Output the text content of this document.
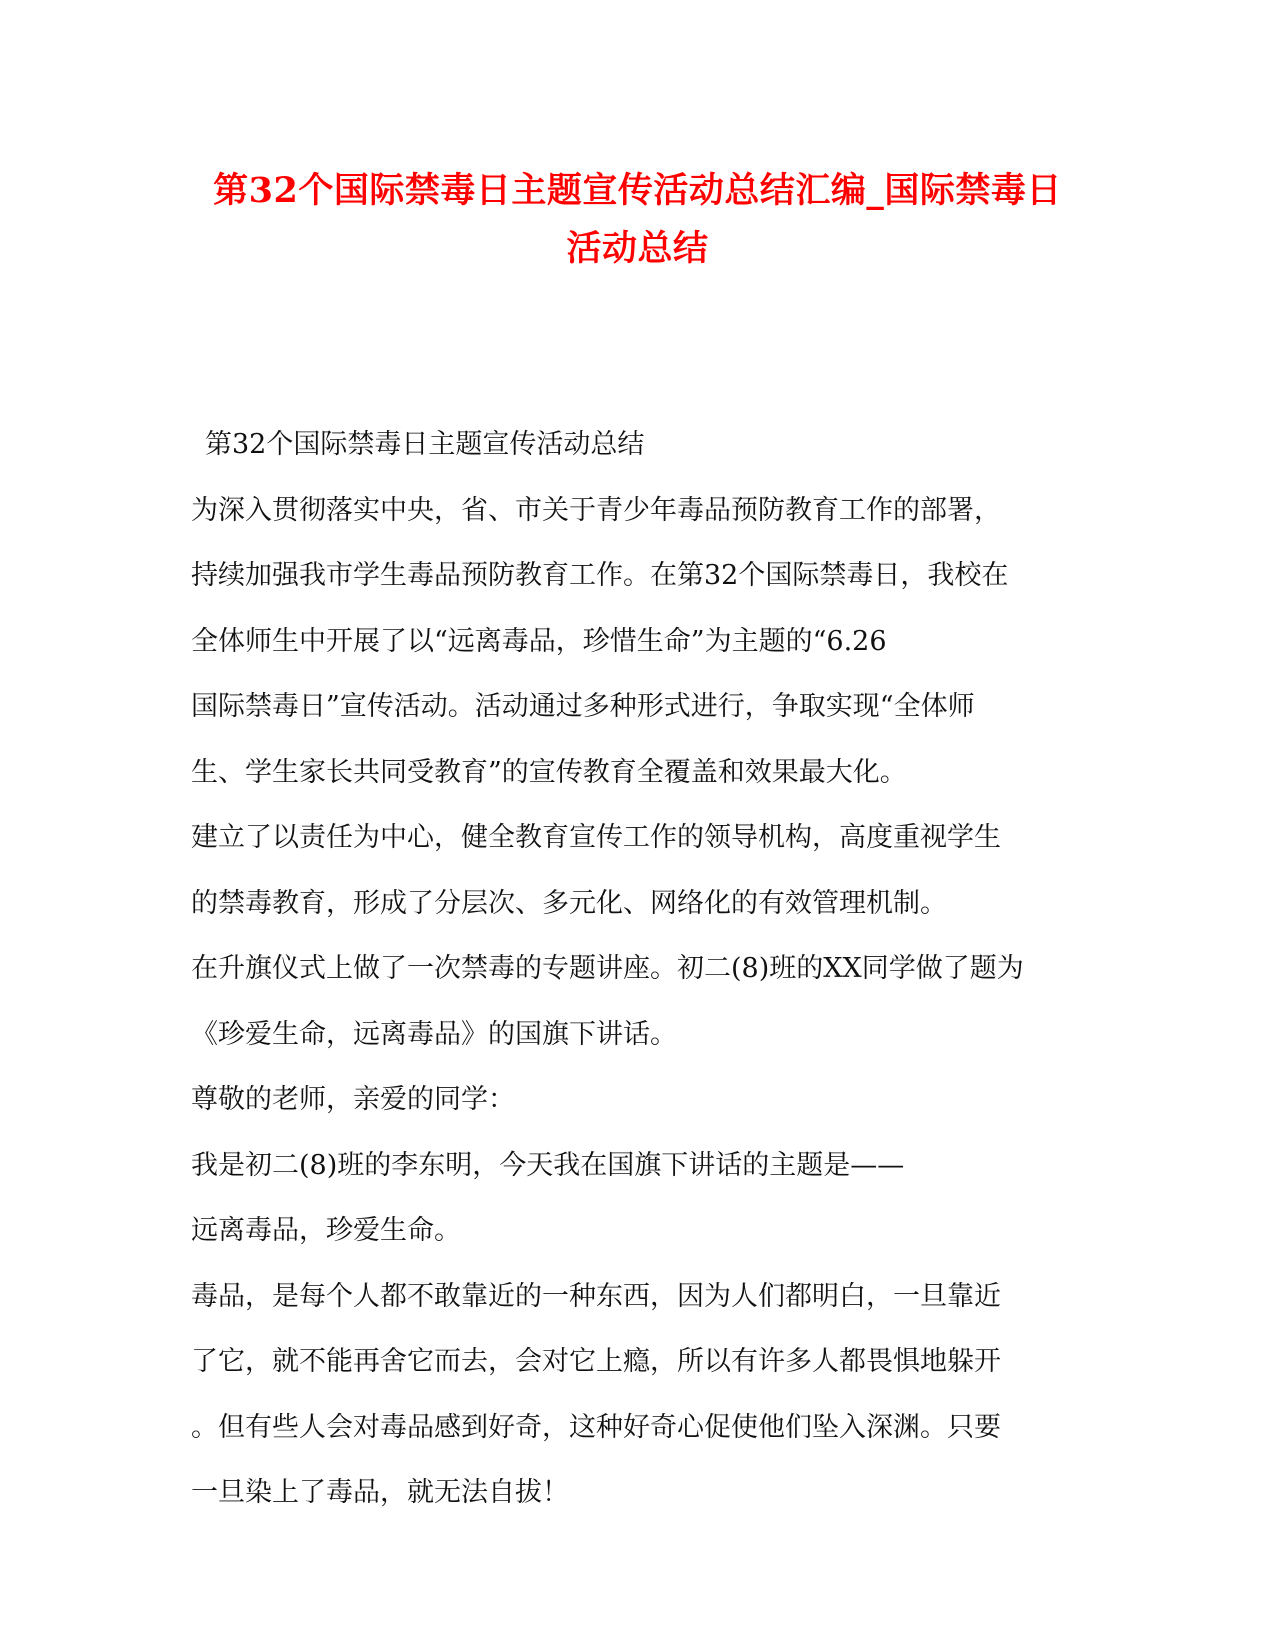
第32个国际禁毒日主题宣传活动总结汇编_国际禁毒日
活动总结
第32个国际禁毒日主题宣传活动总结
为深入贯彻落实中央，省、市关于青少年毒品预防教育工作的部署，
持续加强我市学生毒品预防教育工作。在第32个国际禁毒日，我校在
全体师生中开展了以“远离毒品，珍惜生命”为主题的“6.26
国际禁毒日”宣传活动。活动通过多种形式进行，争取实现“全体师
生、学生家长共同受教育”的宣传教育全覆盖和效果最大化。
建立了以责任为中心，健全教育宣传工作的领导机构，高度重视学生
的禁毒教育，形成了分层次、多元化、网络化的有效管理机制。
在升旗仪式上做了一次禁毒的专题讲座。初二(8)班的XX同学做了题为
《珍爱生命，远离毒品》的国旗下讲话。
尊敬的老师，亲爱的同学：
我是初二(8)班的李东明，今天我在国旗下讲话的主题是——
远离毒品，珍爱生命。
毒品，是每个人都不敢靠近的一种东西，因为人们都明白，一旦靠近
了它，就不能再舍它而去，会对它上瘾，所以有许多人都畏惧地躲开
。但有些人会对毒品感到好奇，这种好奇心促使他们坠入深渊。只要
一旦染上了毒品，就无法自拔！
